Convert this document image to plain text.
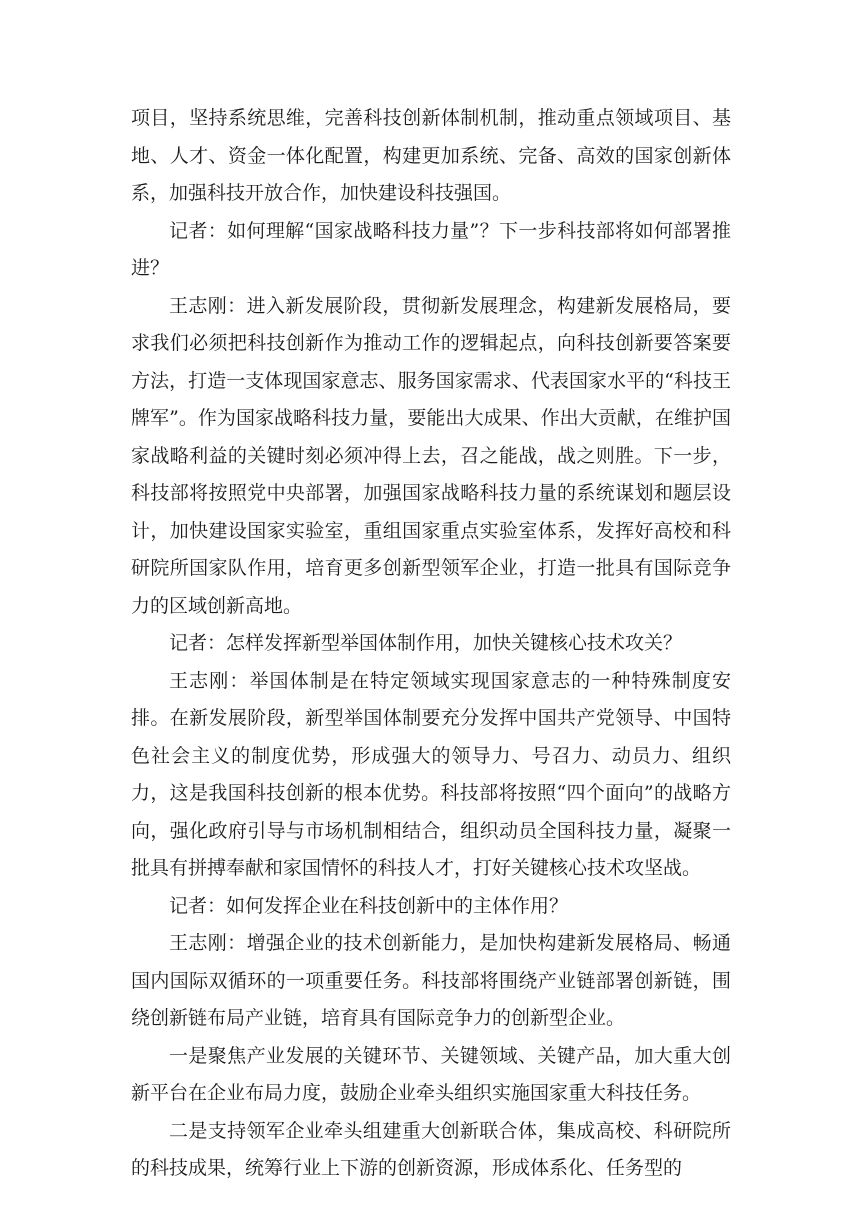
项目，坚持系统思维，完善科技创新体制机制，推动重点领域项目、基地、人才、资金一体化配置，构建更加系统、完备、高效的国家创新体系，加强科技开放合作，加快建设科技强国。

记者：如何理解“国家战略科技力量”？下一步科技部将如何部署推进？

王志刚：进入新发展阶段，贯彻新发展理念，构建新发展格局，要求我们必须把科技创新作为推动工作的逻辑起点，向科技创新要答案要方法，打造一支体现国家意志、服务国家需求、代表国家水平的“科技王牌军”。作为国家战略科技力量，要能出大成果、作出大贡献，在维护国家战略利益的关键时刻必须冲得上去，召之能战，战之则胜。下一步，科技部将按照党中央部署，加强国家战略科技力量的系统谋划和题层设计，加快建设国家实验室，重组国家重点实验室体系，发挥好高校和科研院所国家队作用，培育更多创新型领军企业，打造一批具有国际竞争力的区域创新高地。

记者：怎样发挥新型举国体制作用，加快关键核心技术攻关？

王志刚：举国体制是在特定领域实现国家意志的一种特殊制度安排。在新发展阶段，新型举国体制要充分发挥中国共产党领导、中国特色社会主义的制度优势，形成强大的领导力、号召力、动员力、组织力，这是我国科技创新的根本优势。科技部将按照“四个面向”的战略方向，强化政府引导与市场机制相结合，组织动员全国科技力量，凝聚一批具有拼搏奉献和家国情怀的科技人才，打好关键核心技术攻坚战。

记者：如何发挥企业在科技创新中的主体作用？

王志刚：增强企业的技术创新能力，是加快构建新发展格局、畅通国内国际双循环的一项重要任务。科技部将围绕产业链部署创新链，围绕创新链布局产业链，培育具有国际竞争力的创新型企业。

一是聚焦产业发展的关键环节、关键领域、关键产品，加大重大创新平台在企业布局力度，鼓励企业牵头组织实施国家重大科技任务。

二是支持领军企业牵头组建重大创新联合体，集成高校、科研院所的科技成果，统筹行业上下游的创新资源，形成体系化、任务型的
